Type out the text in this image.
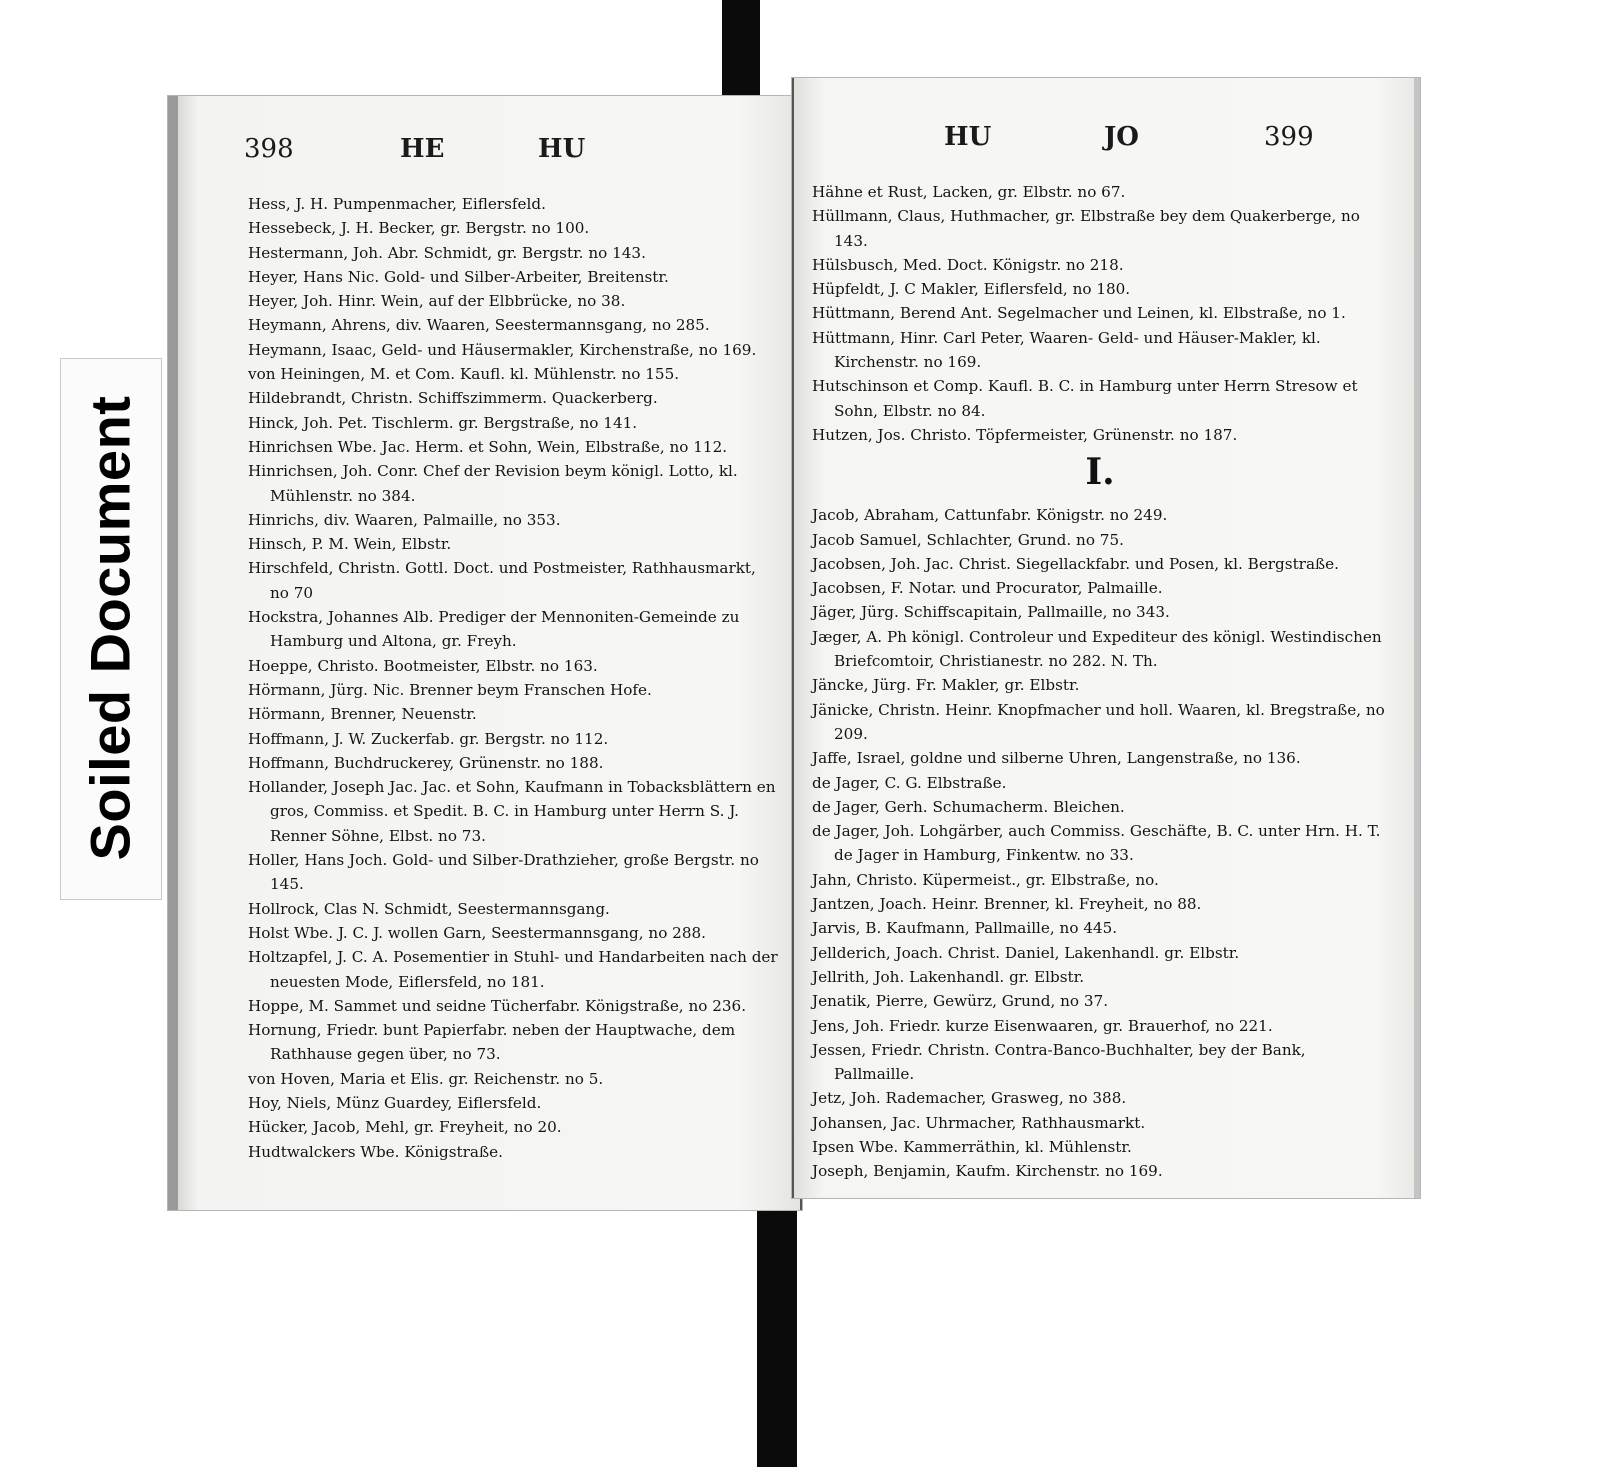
Soiled Document
398	HE	HU
Hess, J. H. Pumpenmacher, Eiflersfeld.
Hessebeck, J. H. Becker, gr. Bergstr. no 100.
Hestermann, Joh. Abr. Schmidt, gr. Bergstr. no 143.
Heyer, Hans Nic. Gold- und Silber-Arbeiter, Breitenstr.
Heyer, Joh. Hinr. Wein, auf der Elbbrücke, no 38.
Heymann, Ahrens, div. Waaren, Seestermannsgang, no 285.
Heymann, Isaac, Geld- und Häusermakler, Kirchenstraße, no 169.
von Heiningen, M. et Com. Kaufl. kl. Mühlenstr. no 155.
Hildebrandt, Christn. Schiffszimmerm. Quackerberg.
Hinck, Joh. Pet. Tischlerm. gr. Bergstraße, no 141.
Hinrichsen Wbe. Jac. Herm. et Sohn, Wein, Elbstraße, no 112.
Hinrichsen, Joh. Conr. Chef der Revision beym königl. Lotto, kl. Mühlenstr. no 384.
Hinrichs, div. Waaren, Palmaille, no 353.
Hinsch, P. M. Wein, Elbstr.
Hirschfeld, Christn. Gottl. Doct. und Postmeister, Rathhausmarkt, no 70
Hockstra, Johannes Alb. Prediger der Mennoniten-Gemeinde zu Hamburg und Altona, gr. Freyh.
Hoeppe, Christo. Bootmeister, Elbstr. no 163.
Hörmann, Jürg. Nic. Brenner beym Franschen Hofe.
Hörmann, Brenner, Neuenstr.
Hoffmann, J. W. Zuckerfab. gr. Bergstr. no 112.
Hoffmann, Buchdruckerey, Grünenstr. no 188.
Hollander, Joseph Jac. Jac. et Sohn, Kaufmann in Tobacksblättern en gros, Commiss. et Spedit. B. C. in Hamburg unter Herrn S. J. Renner Söhne, Elbst. no 73.
Holler, Hans Joch. Gold- und Silber-Drathzieher, große Bergstr. no 145.
Hollrock, Clas N. Schmidt, Seestermannsgang.
Holst Wbe. J. C. J. wollen Garn, Seestermannsgang, no 288.
Holtzapfel, J. C. A. Posementier in Stuhl- und Handarbeiten nach der neuesten Mode, Eiflersfeld, no 181.
Hoppe, M. Sammet und seidne Tücherfabr. Königstraße, no 236.
Hornung, Friedr. bunt Papierfabr. neben der Hauptwache, dem Rathhause gegen über, no 73.
von Hoven, Maria et Elis. gr. Reichenstr. no 5.
Hoy, Niels, Münz Guardey, Eiflersfeld.
Hücker, Jacob, Mehl, gr. Freyheit, no 20.
Hudtwalckers Wbe. Königstraße.
HU	JO	399
Hähne et Rust, Lacken, gr. Elbstr. no 67.
Hüllmann, Claus, Huthmacher, gr. Elbstraße bey dem Quakerberge, no 143.
Hülsbusch, Med. Doct. Königstr. no 218.
Hüpfeldt, J. C Makler, Eiflersfeld, no 180.
Hüttmann, Berend Ant. Segelmacher und Leinen, kl. Elbstraße, no 1.
Hüttmann, Hinr. Carl Peter, Waaren- Geld- und Häuser-Makler, kl. Kirchenstr. no 169.
Hutschinson et Comp. Kaufl. B. C. in Hamburg unter Herrn Stresow et Sohn, Elbstr. no 84.
Hutzen, Jos. Christo. Töpfermeister, Grünenstr. no 187.
I.
Jacob, Abraham, Cattunfabr. Königstr. no 249.
Jacob Samuel, Schlachter, Grund. no 75.
Jacobsen, Joh. Jac. Christ. Siegellackfabr. und Posen, kl. Bergstraße.
Jacobsen, F. Notar. und Procurator, Palmaille.
Jäger, Jürg. Schiffscapitain, Pallmaille, no 343.
Jæger, A. Ph königl. Controleur und Expediteur des königl. Westindischen Briefcomtoir, Christianestr. no 282. N. Th.
Jäncke, Jürg. Fr. Makler, gr. Elbstr.
Jänicke, Christn. Heinr. Knopfmacher und holl. Waaren, kl. Bregstraße, no 209.
Jaffe, Israel, goldne und silberne Uhren, Langenstraße, no 136.
de Jager, C. G. Elbstraße.
de Jager, Gerh. Schumacherm. Bleichen.
de Jager, Joh. Lohgärber, auch Commiss. Geschäfte, B. C. unter Hrn. H. T. de Jager in Hamburg, Finkentw. no 33.
Jahn, Christo. Küpermeist., gr. Elbstraße, no.
Jantzen, Joach. Heinr. Brenner, kl. Freyheit, no 88.
Jarvis, B. Kaufmann, Pallmaille, no 445.
Jellderich, Joach. Christ. Daniel, Lakenhandl. gr. Elbstr.
Jellrith, Joh. Lakenhandl. gr. Elbstr.
Jenatik, Pierre, Gewürz, Grund, no 37.
Jens, Joh. Friedr. kurze Eisenwaaren, gr. Brauerhof, no 221.
Jessen, Friedr. Christn. Contra-Banco-Buchhalter, bey der Bank, Pallmaille.
Jetz, Joh. Rademacher, Grasweg, no 388.
Johansen, Jac. Uhrmacher, Rathhausmarkt.
Ipsen Wbe. Kammerräthin, kl. Mühlenstr.
Joseph, Benjamin, Kaufm. Kirchenstr. no 169.
